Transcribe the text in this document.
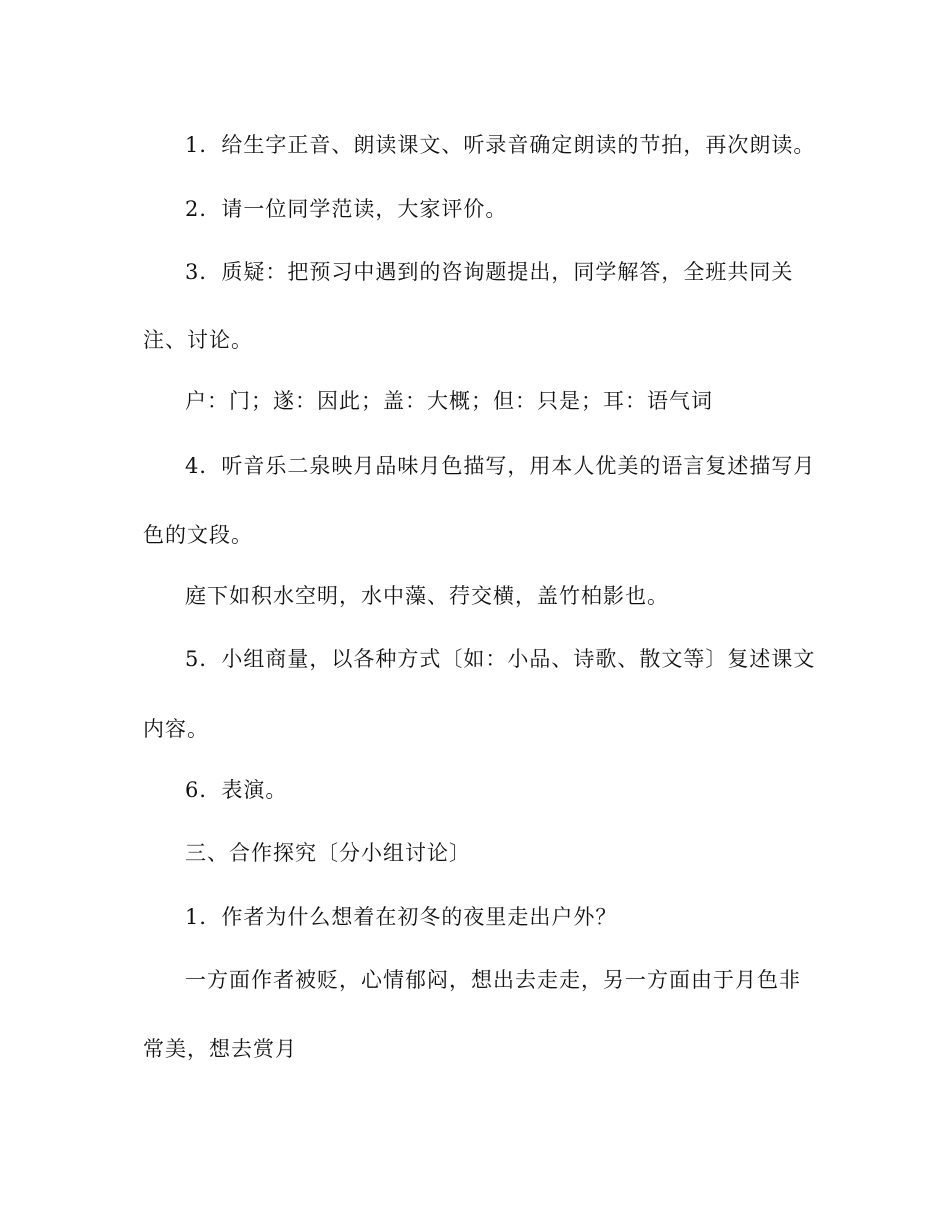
1．给生字正音、朗读课文、听录音确定朗读的节拍，再次朗读。
2．请一位同学范读，大家评价。
3．质疑：把预习中遇到的咨询题提出，同学解答，全班共同关
注、讨论。
户：门；遂：因此；盖：大概；但：只是；耳：语气词
4．听音乐二泉映月品味月色描写，用本人优美的语言复述描写月
色的文段。
庭下如积水空明，水中藻、荇交横，盖竹柏影也。
5．小组商量，以各种方式〔如：小品、诗歌、散文等〕复述课文
内容。
6．表演。
三、合作探究〔分小组讨论〕
1．作者为什么想着在初冬的夜里走出户外？
一方面作者被贬，心情郁闷，想出去走走，另一方面由于月色非
常美，想去赏月
